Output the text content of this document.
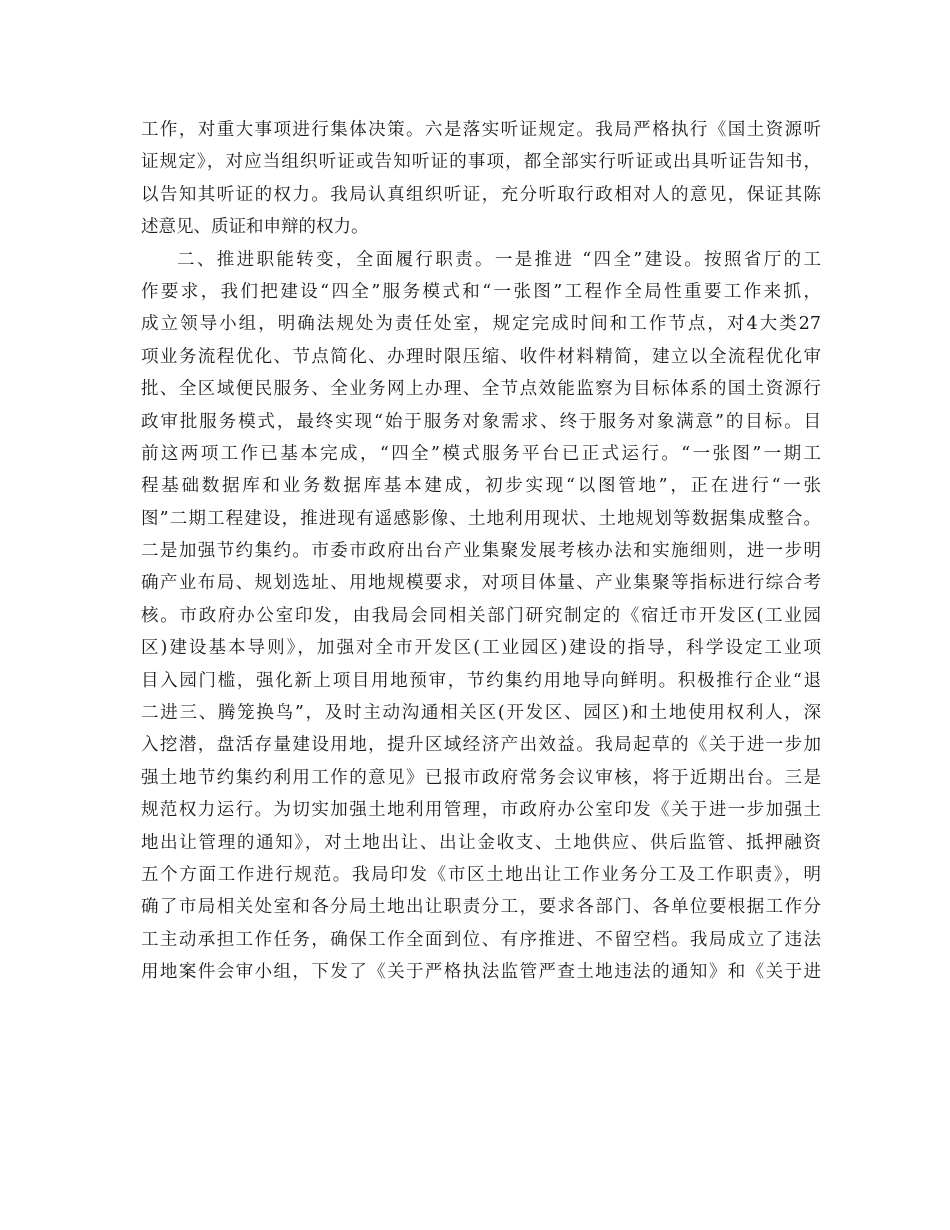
工作，对重大事项进行集体决策。六是落实听证规定。我局严格执行《国土资源听
证规定》，对应当组织听证或告知听证的事项，都全部实行听证或出具听证告知书，
以告知其听证的权力。我局认真组织听证，充分听取行政相对人的意见，保证其陈
述意见、质证和申辩的权力。
二、推进职能转变，全面履行职责。一是推进 “四全”建设。按照省厅的工
作要求，我们把建设“四全”服务模式和“一张图”工程作全局性重要工作来抓，
成立领导小组，明确法规处为责任处室，规定完成时间和工作节点，对4大类27
项业务流程优化、节点简化、办理时限压缩、收件材料精简，建立以全流程优化审
批、全区域便民服务、全业务网上办理、全节点效能监察为目标体系的国土资源行
政审批服务模式，最终实现“始于服务对象需求、终于服务对象满意”的目标。目
前这两项工作已基本完成，“四全”模式服务平台已正式运行。“一张图”一期工
程基础数据库和业务数据库基本建成，初步实现“以图管地”，正在进行“一张
图”二期工程建设，推进现有遥感影像、土地利用现状、土地规划等数据集成整合。
二是加强节约集约。市委市政府出台产业集聚发展考核办法和实施细则，进一步明
确产业布局、规划选址、用地规模要求，对项目体量、产业集聚等指标进行综合考
核。市政府办公室印发，由我局会同相关部门研究制定的《宿迁市开发区(工业园
区)建设基本导则》，加强对全市开发区(工业园区)建设的指导，科学设定工业项
目入园门槛，强化新上项目用地预审，节约集约用地导向鲜明。积极推行企业“退
二进三、腾笼换鸟”，及时主动沟通相关区(开发区、园区)和土地使用权利人，深
入挖潜，盘活存量建设用地，提升区域经济产出效益。我局起草的《关于进一步加
强土地节约集约利用工作的意见》已报市政府常务会议审核，将于近期出台。三是
规范权力运行。为切实加强土地利用管理，市政府办公室印发《关于进一步加强土
地出让管理的通知》，对土地出让、出让金收支、土地供应、供后监管、抵押融资
五个方面工作进行规范。我局印发《市区土地出让工作业务分工及工作职责》，明
确了市局相关处室和各分局土地出让职责分工，要求各部门、各单位要根据工作分
工主动承担工作任务，确保工作全面到位、有序推进、不留空档。我局成立了违法
用地案件会审小组，下发了《关于严格执法监管严查土地违法的通知》和《关于进
